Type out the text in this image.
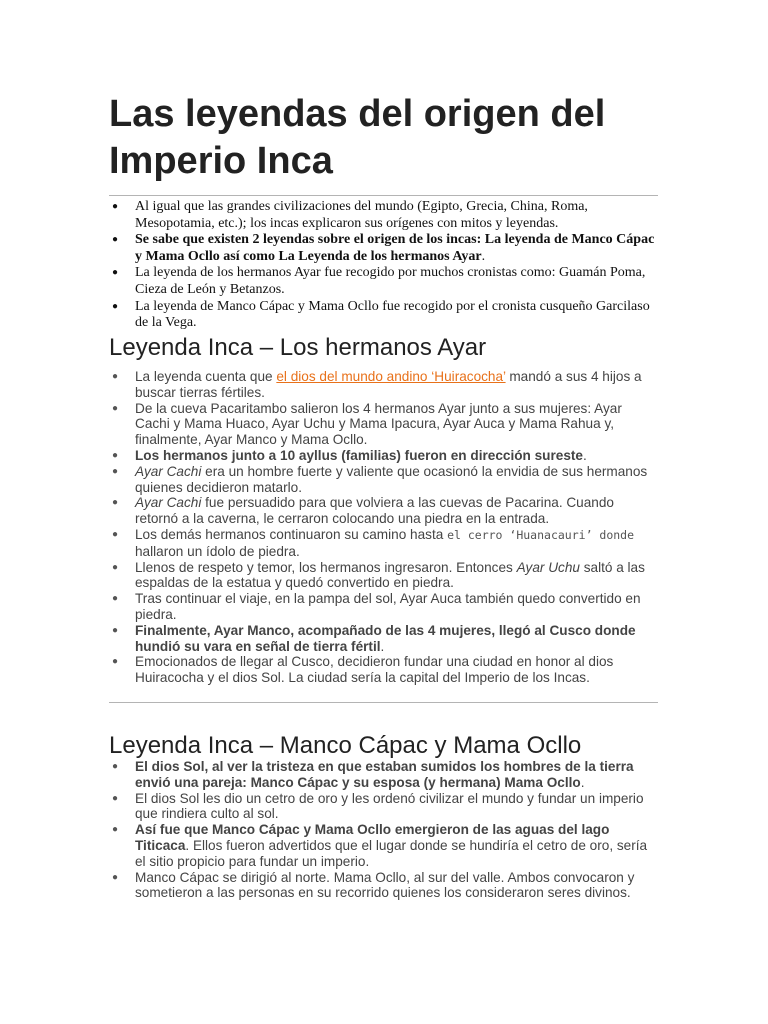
Las leyendas del origen del Imperio Inca
● Al igual que las grandes civilizaciones del mundo (Egipto, Grecia, China, Roma, Mesopotamia, etc.); los incas explicaron sus orígenes con mitos y leyendas.
● Se sabe que existen 2 leyendas sobre el origen de los incas: La leyenda de Manco Cápac y Mama Ocllo así como La Leyenda de los hermanos Ayar.
● La leyenda de los hermanos Ayar fue recogido por muchos cronistas como: Guamán Poma, Cieza de León y Betanzos.
● La leyenda de Manco Cápac y Mama Ocllo fue recogido por el cronista cusqueño Garcilaso de la Vega.
Leyenda Inca – Los hermanos Ayar
● La leyenda cuenta que el dios del mundo andino ‘Huiracocha’ mandó a sus 4 hijos a buscar tierras fértiles.
● De la cueva Pacaritambo salieron los 4 hermanos Ayar junto a sus mujeres: Ayar Cachi y Mama Huaco, Ayar Uchu y Mama Ipacura, Ayar Auca y Mama Rahua y, finalmente, Ayar Manco y Mama Ocllo.
● Los hermanos junto a 10 ayllus (familias) fueron en dirección sureste.
● Ayar Cachi era un hombre fuerte y valiente que ocasionó la envidia de sus hermanos quienes decidieron matarlo.
● Ayar Cachi fue persuadido para que volviera a las cuevas de Pacarina. Cuando retornó a la caverna, le cerraron colocando una piedra en la entrada.
● Los demás hermanos continuaron su camino hasta el cerro ‘Huanacauri’ donde hallaron un ídolo de piedra.
● Llenos de respeto y temor, los hermanos ingresaron. Entonces Ayar Uchu saltó a las espaldas de la estatua y quedó convertido en piedra.
● Tras continuar el viaje, en la pampa del sol, Ayar Auca también quedo convertido en piedra.
● Finalmente, Ayar Manco, acompañado de las 4 mujeres, llegó al Cusco donde hundió su vara en señal de tierra fértil.
● Emocionados de llegar al Cusco, decidieron fundar una ciudad en honor al dios Huiracocha y el dios Sol. La ciudad sería la capital del Imperio de los Incas.
Leyenda Inca – Manco Cápac y Mama Ocllo
● El dios Sol, al ver la tristeza en que estaban sumidos los hombres de la tierra envió una pareja: Manco Cápac y su esposa (y hermana) Mama Ocllo.
● El dios Sol les dio un cetro de oro y les ordenó civilizar el mundo y fundar un imperio que rindiera culto al sol.
● Así fue que Manco Cápac y Mama Ocllo emergieron de las aguas del lago Titicaca. Ellos fueron advertidos que el lugar donde se hundiría el cetro de oro, sería el sitio propicio para fundar un imperio.
● Manco Cápac se dirigió al norte. Mama Ocllo, al sur del valle. Ambos convocaron y sometieron a las personas en su recorrido quienes los consideraron seres divinos.
